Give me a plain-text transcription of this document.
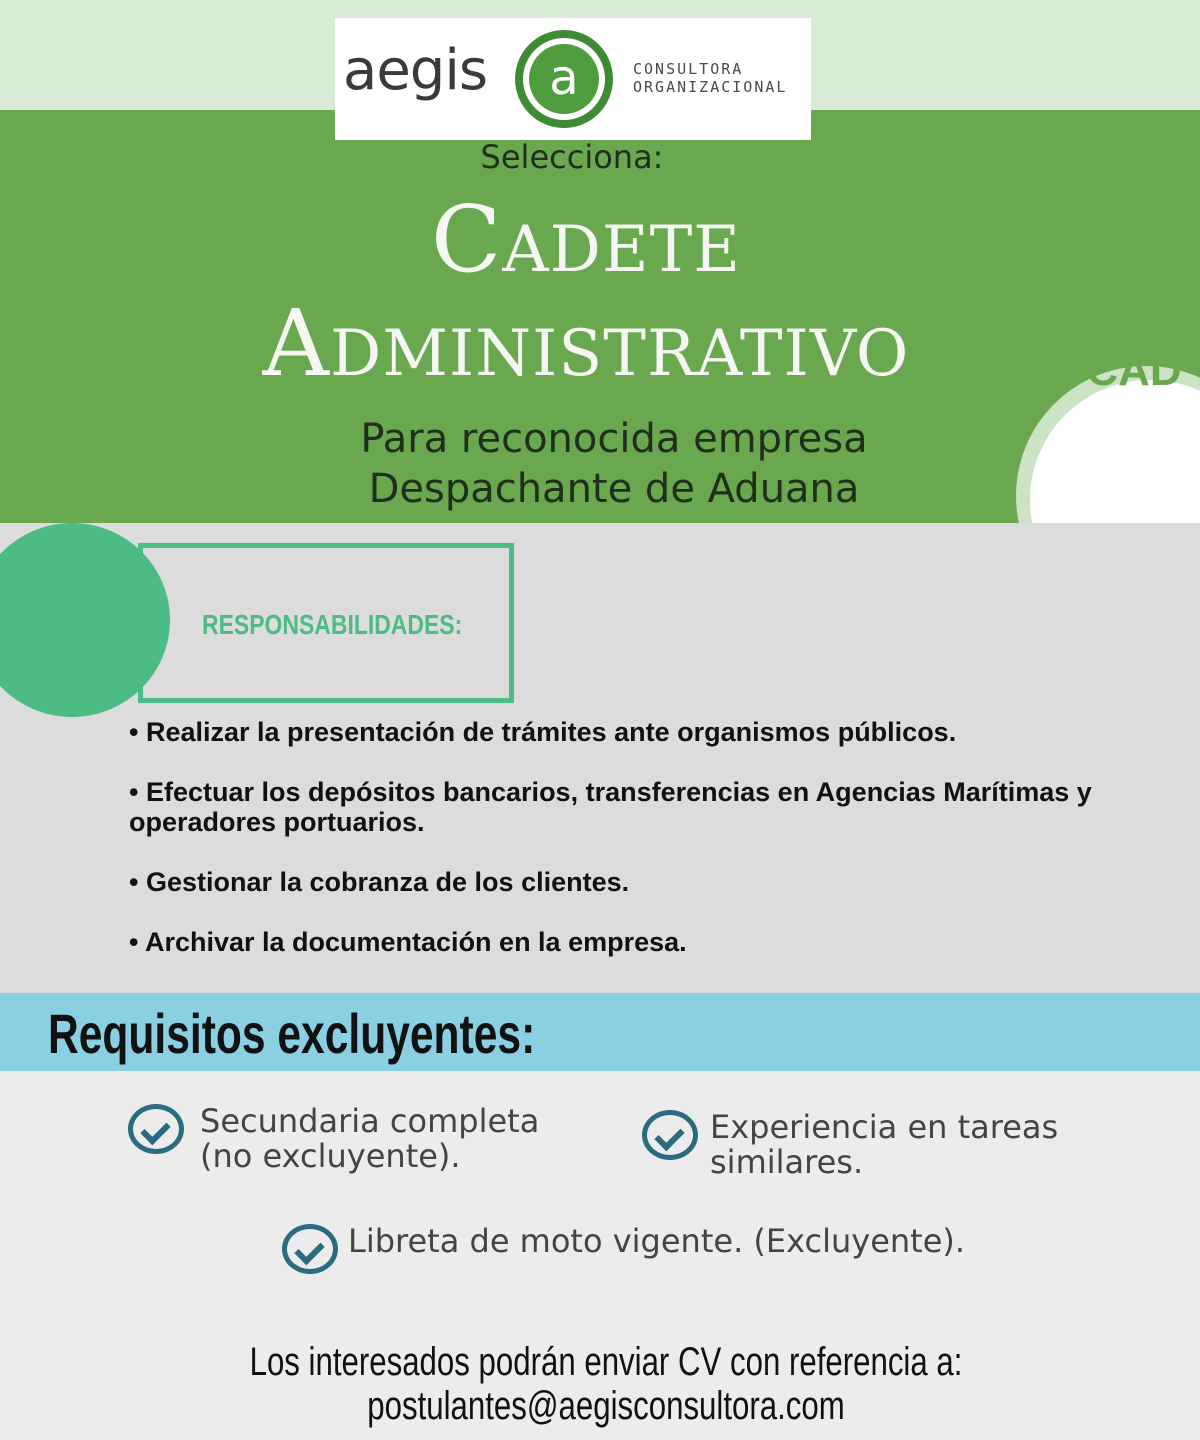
Ref.
CAD
aegis	a	CONSULTORA
ORGANIZACIONAL
Selecciona:
Cadete
Administrativo
Para reconocida empresa
Despachante de Aduana
RESPONSABILIDADES:
• Realizar la presentación de trámites ante organismos públicos.
• Efectuar los depósitos bancarios, transferencias en Agencias Marítimas y operadores portuarios.
• Gestionar la cobranza de los clientes.
• Archivar la documentación en la empresa.
Requisitos excluyentes:
Secundaria completa
(no excluyente).
Experiencia en tareas
similares.
Libreta de moto vigente. (Excluyente).
Los interesados podrán enviar CV con referencia a:
postulantes@aegisconsultora.com
